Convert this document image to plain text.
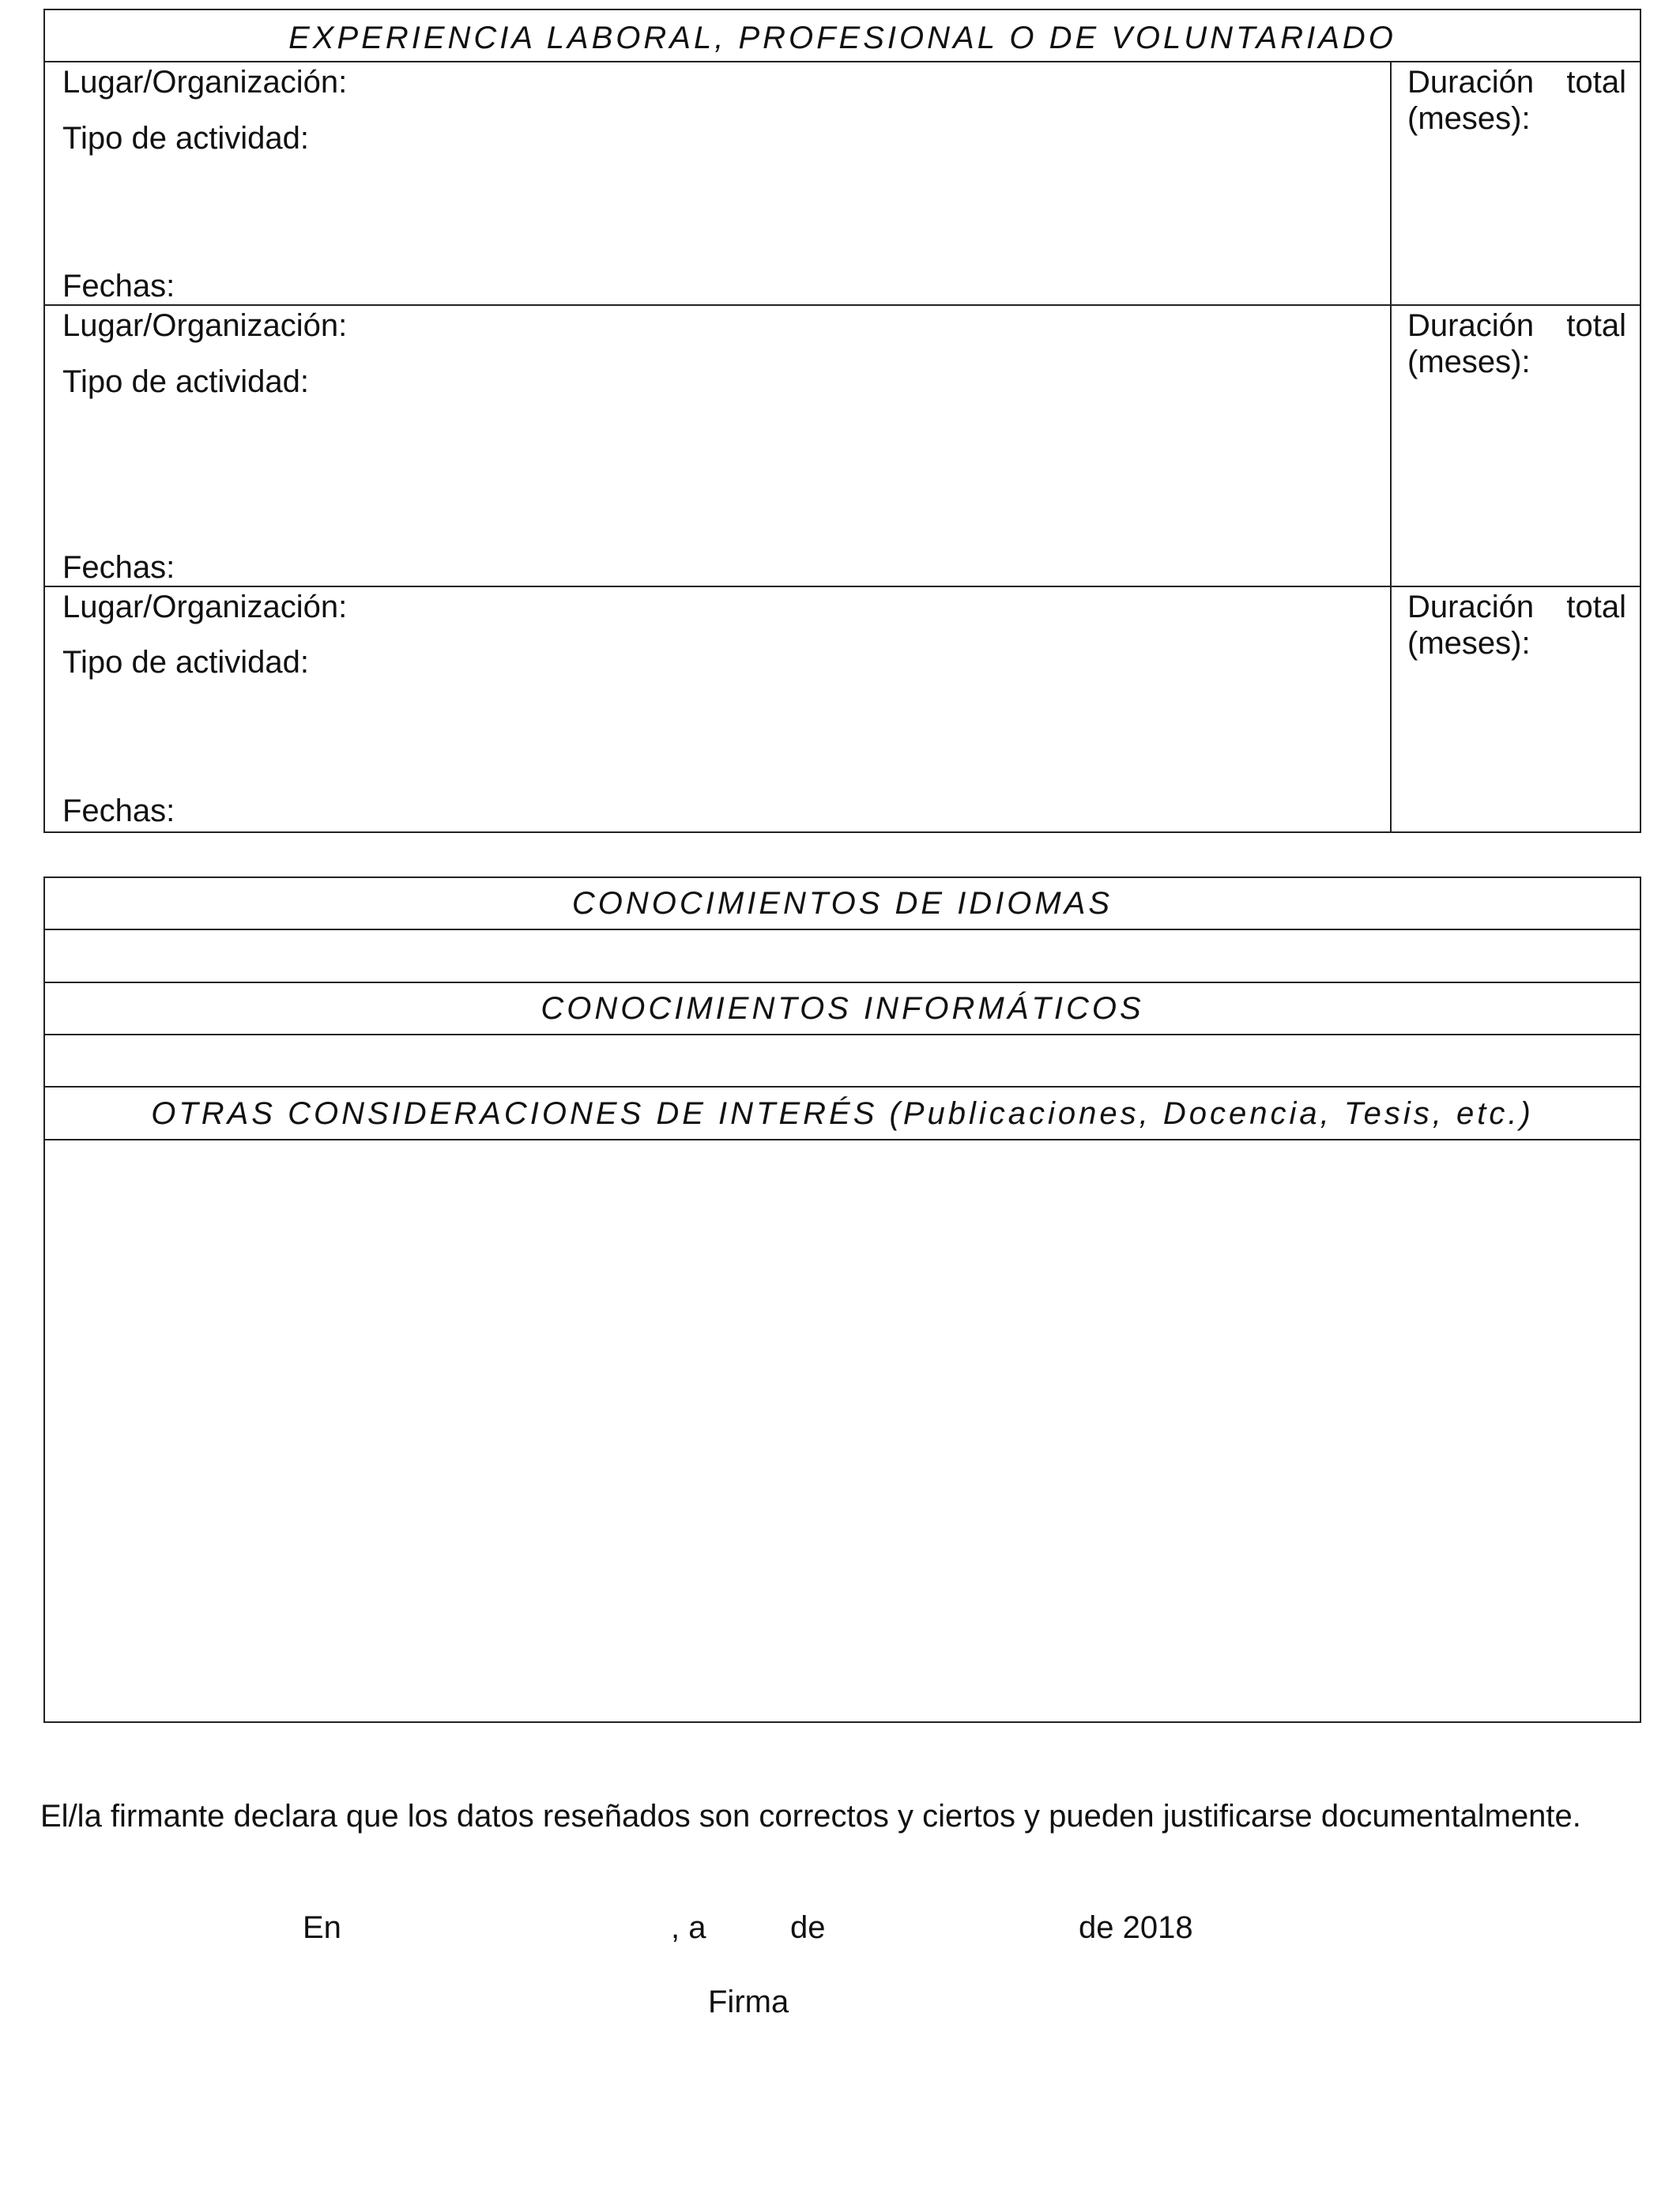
EXPERIENCIA LABORAL, PROFESIONAL O DE VOLUNTARIADO
Lugar/Organización:
Tipo de actividad:
Fechas:
Duración total
(meses):
Lugar/Organización:
Tipo de actividad:
Fechas:
Duración total
(meses):
Lugar/Organización:
Tipo de actividad:
Fechas:
Duración total
(meses):
CONOCIMIENTOS DE IDIOMAS
CONOCIMIENTOS INFORMÁTICOS
OTRAS CONSIDERACIONES DE INTERÉS (Publicaciones, Docencia, Tesis, etc.)
El/la firmante declara que los datos reseñados son correctos y ciertos y pueden justificarse documentalmente.
En	, a	de	de 2018
Firma
